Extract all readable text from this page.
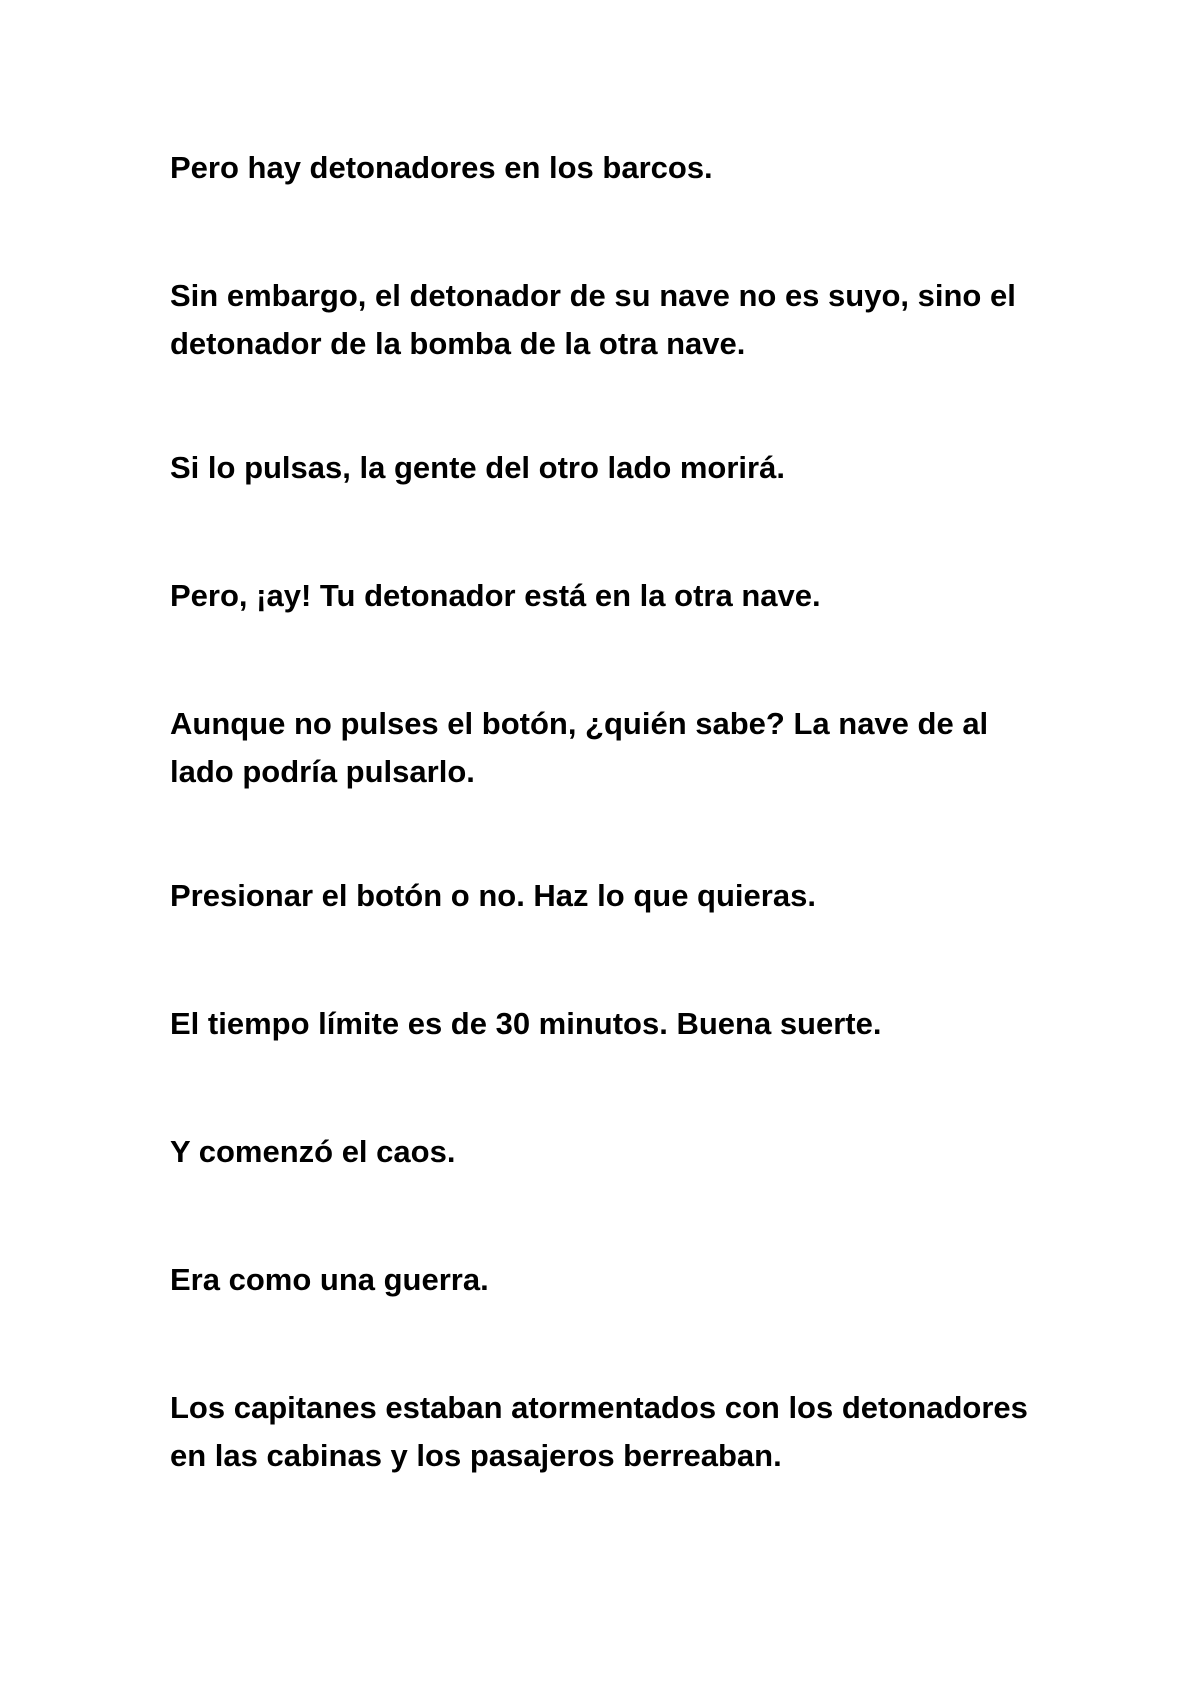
Pero hay detonadores en los barcos.

Sin embargo, el detonador de su nave no es suyo, sino el detonador de la bomba de la otra nave.

Si lo pulsas, la gente del otro lado morirá.

Pero, ¡ay! Tu detonador está en la otra nave.

Aunque no pulses el botón, ¿quién sabe? La nave de al lado podría pulsarlo.

Presionar el botón o no. Haz lo que quieras.

El tiempo límite es de 30 minutos. Buena suerte.

Y comenzó el caos.

Era como una guerra.

Los capitanes estaban atormentados con los detonadores en las cabinas y los pasajeros berreaban.
